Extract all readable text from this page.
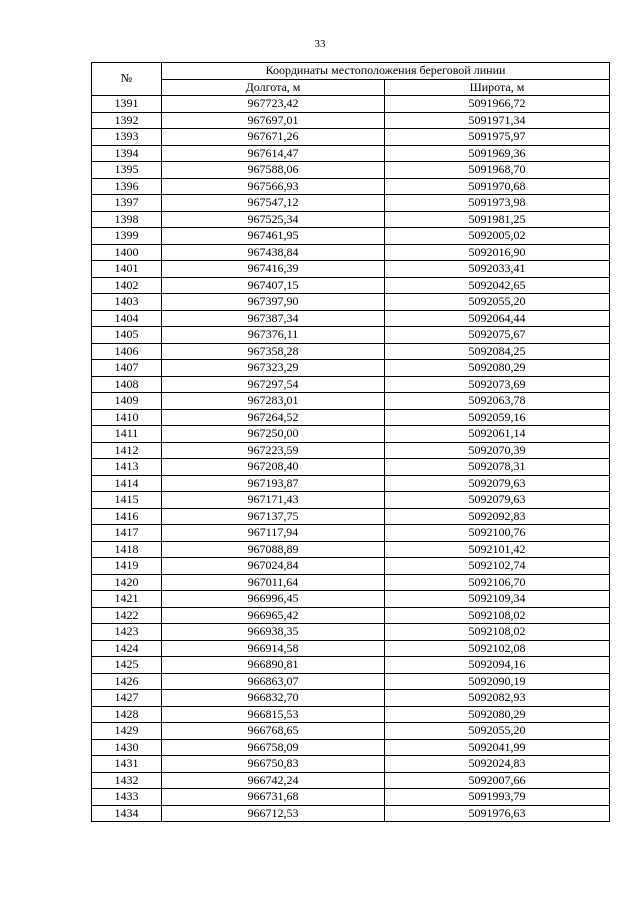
33
№	Координаты местоположения береговой линии	
	Долгота, м	Широта, м
1391	967723,42	5091966,72
1392	967697,01	5091971,34
1393	967671,26	5091975,97
1394	967614,47	5091969,36
1395	967588,06	5091968,70
1396	967566,93	5091970,68
1397	967547,12	5091973,98
1398	967525,34	5091981,25
1399	967461,95	5092005,02
1400	967438,84	5092016,90
1401	967416,39	5092033,41
1402	967407,15	5092042,65
1403	967397,90	5092055,20
1404	967387,34	5092064,44
1405	967376,11	5092075,67
1406	967358,28	5092084,25
1407	967323,29	5092080,29
1408	967297,54	5092073,69
1409	967283,01	5092063,78
1410	967264,52	5092059,16
1411	967250,00	5092061,14
1412	967223,59	5092070,39
1413	967208,40	5092078,31
1414	967193,87	5092079,63
1415	967171,43	5092079,63
1416	967137,75	5092092,83
1417	967117,94	5092100,76
1418	967088,89	5092101,42
1419	967024,84	5092102,74
1420	967011,64	5092106,70
1421	966996,45	5092109,34
1422	966965,42	5092108,02
1423	966938,35	5092108,02
1424	966914,58	5092102,08
1425	966890,81	5092094,16
1426	966863,07	5092090,19
1427	966832,70	5092082,93
1428	966815,53	5092080,29
1429	966768,65	5092055,20
1430	966758,09	5092041,99
1431	966750,83	5092024,83
1432	966742,24	5092007,66
1433	966731,68	5091993,79
1434	966712,53	5091976,63
